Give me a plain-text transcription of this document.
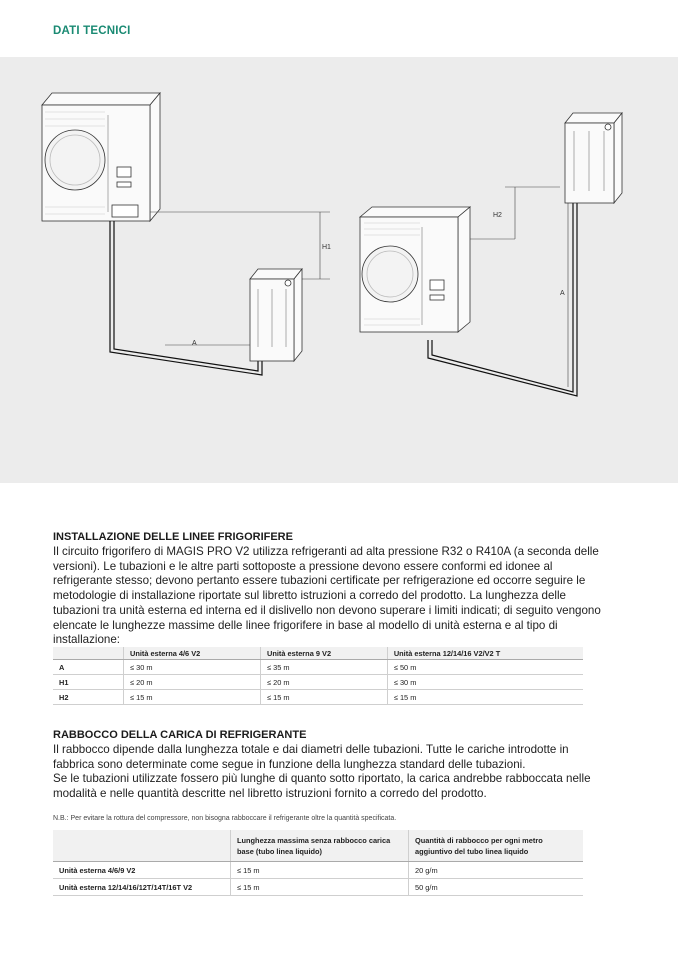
DATI TECNICI
H1
A
H2
A
INSTALLAZIONE DELLE LINEE FRIGORIFERE

Il circuito frigorifero di MAGIS PRO V2 utilizza refrigeranti ad alta pressione R32 o R410A (a seconda delle versioni). Le tubazioni e le altre parti sottoposte a pressione devono essere conformi ed idonee al refrigerante stesso; devono pertanto essere tubazioni certificate per refrigerazione ed occorre seguire le metodologie di installazione riportate sul libretto istruzioni a corredo del prodotto. La lunghezza delle tubazioni tra unità esterna ed interna ed il dislivello non devono superare i limiti indicati; di seguito vengono elencate le lunghezze massime delle linee frigorifere in base al modello di unità esterna e al tipo di installazione:

	Unità esterna 4/6 V2	Unità esterna 9 V2	Unità esterna 12/14/16 V2/V2 T
A	≤ 30 m	≤ 35 m	≤ 50 m
H1	≤ 20 m	≤ 20 m	≤ 30 m
H2	≤ 15 m	≤ 15 m	≤ 15 m
RABBOCCO DELLA CARICA DI REFRIGERANTE

Il rabbocco dipende dalla lunghezza totale e dai diametri delle tubazioni. Tutte le cariche introdotte in fabbrica sono determinate come segue in funzione della lunghezza standard delle tubazioni.

Se le tubazioni utilizzate fossero più lunghe di quanto sotto riportato, la carica andrebbe rabboccata nelle modalità e nelle quantità descritte nel libretto istruzioni fornito a corredo del prodotto.

N.B.: Per evitare la rottura del compressore, non bisogna rabboccare il refrigerante oltre la quantità specificata.
	Lunghezza massima senza rabbocco carica base (tubo linea liquido)	Quantità di rabbocco per ogni metro aggiuntivo del tubo linea liquido
Unità esterna 4/6/9 V2	≤ 15 m	20 g/m
Unità esterna 12/14/16/12T/14T/16T V2	≤ 15 m	50 g/m
